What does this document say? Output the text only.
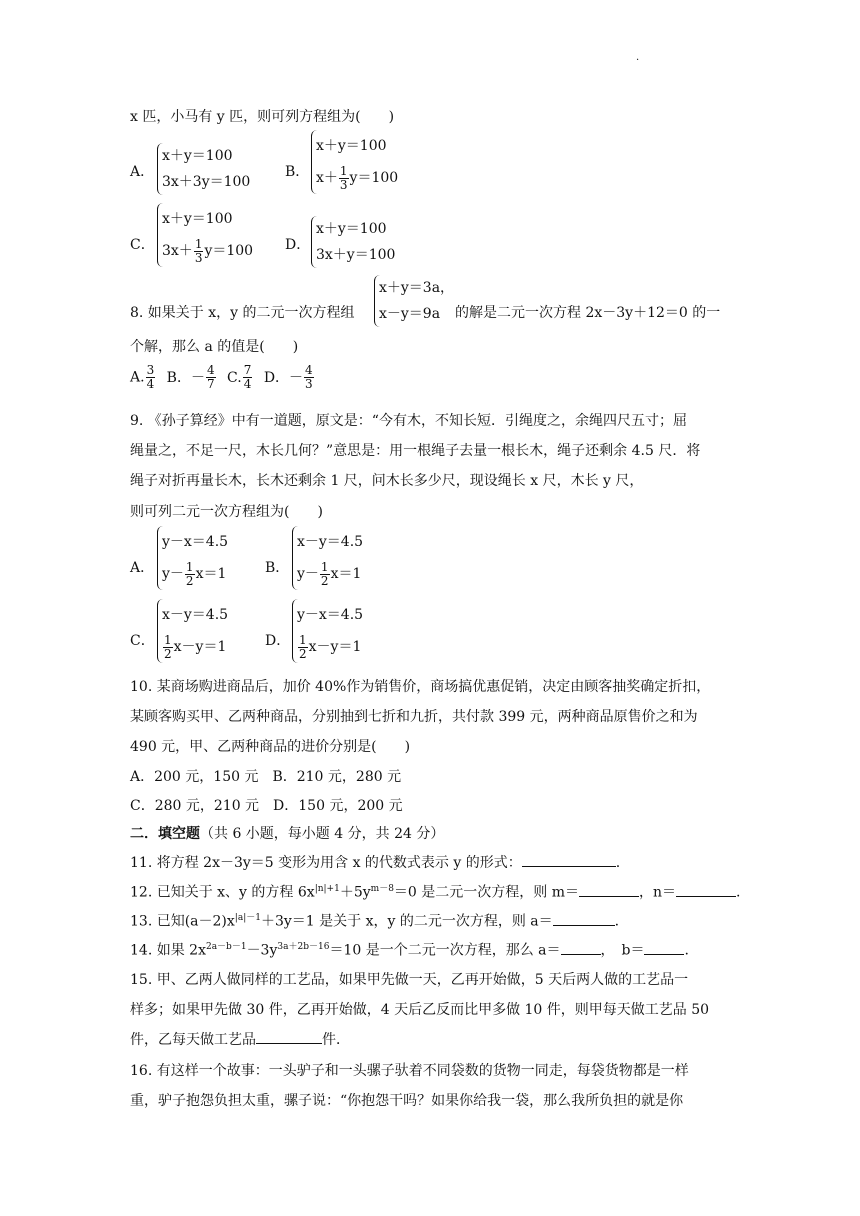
.
x 匹，小马有 y 匹，则可列方程组为(　　)
A．
x＋y＝100
3x＋3y＝100
B．
x＋y＝100
$x+ \frac{1}{3} y=100$
C．
x＋y＝100
$3x+ \frac{1}{3} y=100$ D．
x＋y＝100
3x＋y＝100
8. 如果关于 x，y 的二元一次方程组
x＋y＝3a，
x－y＝9a	的解是二元一次方程 2x－3y＋12＝0 的一
个解，那么 a 的值是(　　)
A. $\frac{3}{4}$ B．－ $\frac{4}{7} C$. $\frac{7}{4}$ D．－ $\frac{4}{3}$
9. 《孙子算经》中有一道题，原文是：“今有木，不知长短．引绳度之，余绳四尺五寸；屈
绳量之，不足一尺，木长几何？”意思是：用一根绳子去量一根长木，绳子还剩余 4.5 尺．将
绳子对折再量长木，长木还剩余 1 尺，问木长多少尺，现设绳长 x 尺，木长 y 尺，
则可列二元一次方程组为(　　)
A．
y－x＝4.5
$y- \frac{1}{2} x=1$	B．
x－y＝4.5
$y- \frac{1}{2} x=1$
C．
x－y＝4.5
$\frac{1}{2} x-y=1$	D．
y－x＝4.5
$\frac{1}{2} x-y=1$
10. 某商场购进商品后，加价 40%作为销售价，商场搞优惠促销，决定由顾客抽奖确定折扣，
某顾客购买甲、乙两种商品，分别抽到七折和九折，共付款 399 元，两种商品原售价之和为
490 元，甲、乙两种商品的进价分别是(　　)
A．200 元，150 元　B．210 元，280 元
C．280 元，210 元　D．150 元，200 元
二．填空题（共 6 小题，每小题 4 分，共 24 分）
11. 将方程 2x－3y＝5 变形为用含 x 的代数式表示 y 的形式：	.
12. 已知关于 x、y 的方程 $6x^{|n|+1}+5y^{m-8}=0$ 是二元一次方程，则 m＝	，n＝	.
13. 已知$(a-2)x^{|a|-1}+3y=1$ 是关于 x，y 的二元一次方程，则 a＝	.
14. 如果 $2x^{2a-b-1}-3y^{3a+2b-16}=10$ 是一个二元一次方程，那么 a＝	，　b＝	.
15. 甲、乙两人做同样的工艺品，如果甲先做一天，乙再开始做，5 天后两人做的工艺品一
样多；如果甲先做 30 件，乙再开始做，4 天后乙反而比甲多做 10 件，则甲每天做工艺品 50
件，乙每天做工艺品	件．
16. 有这样一个故事：一头驴子和一头骡子驮着不同袋数的货物一同走，每袋货物都是一样
重，驴子抱怨负担太重，骡子说：“你抱怨干吗？如果你给我一袋，那么我所负担的就是你
